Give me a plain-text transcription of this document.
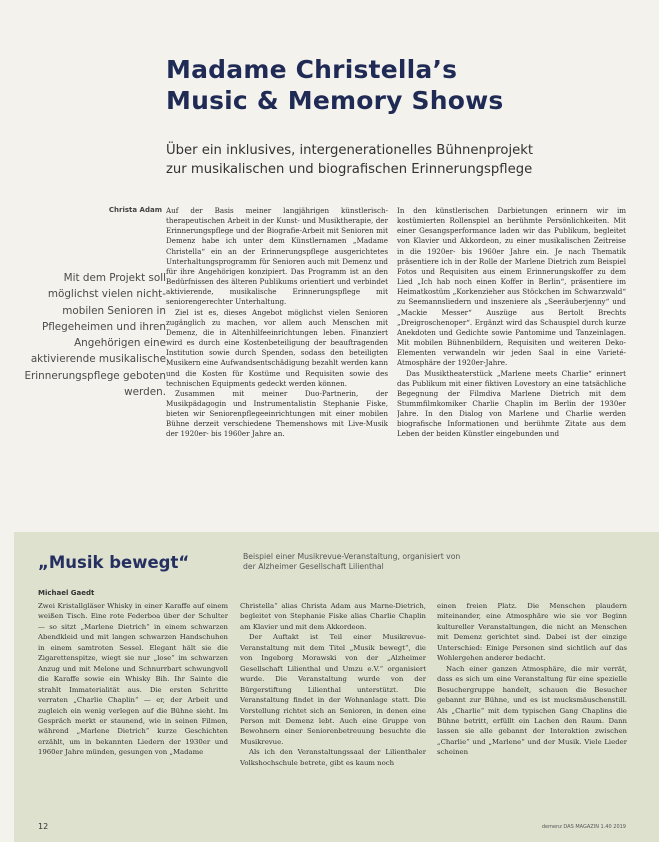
Madame Christella’s
Music & Memory Shows
Über ein inklusives, intergenerationelles Bühnenprojekt
zur musikalischen und biografischen Erinnerungspflege
Christa Adam
Mit dem Projekt soll möglichst vielen nicht-mobilen Senioren in Pflegeheimen und ihren Angehörigen eine aktivierende musikalische Erinnerungspflege geboten werden.

Auf der Basis meiner langjährigen künstlerisch-therapeutischen Arbeit in der Kunst- und Musiktherapie, der Erinnerungspflege und der Biografie-Arbeit mit Senioren mit Demenz habe ich unter dem Künstlernamen „Madame Christella“ ein an der Erinnerungspflege ausgerichtetes Unterhaltungsprogramm für Senioren auch mit Demenz und für ihre Angehörigen konzipiert. Das Programm ist an den Bedürfnissen des älteren Publikums orientiert und verbindet aktivierende, musikalische Erinnerungspflege mit seniorengerechter Unterhaltung.

Ziel ist es, dieses Angebot möglichst vielen Senioren zugänglich zu machen, vor allem auch Menschen mit Demenz, die in Altenhilfeeinrichtungen leben. Finanziert wird es durch eine Kostenbeteiligung der beauftragenden Institution sowie durch Spenden, sodass den beteiligten Musikern eine Aufwandsentschädigung bezahlt werden kann und die Kosten für Kostüme und Requisiten sowie des technischen Equipments gedeckt werden können.

Zusammen mit meiner Duo-Partnerin, der Musikpädagogin und Instrumentalistin Stephanie Fiske, bieten wir Seniorenpflegeeinrichtungen mit einer mobilen Bühne derzeit verschiedene Themenshows mit Live-Musik der 1920er- bis 1960er Jahre an.

In den künstlerischen Darbietungen erinnern wir im kostümierten Rollenspiel an berühmte Persönlichkeiten. Mit einer Gesangsperformance laden wir das Publikum, begleitet von Klavier und Akkordeon, zu einer musikalischen Zeitreise in die 1920er- bis 1960er Jahre ein. Je nach Thematik präsentiere ich in der Rolle der Marlene Dietrich zum Beispiel Fotos und Requisiten aus einem Erinnerungskoffer zu dem Lied „Ich hab noch einen Koffer in Berlin“, präsentiere im Heimatkostüm „Korkenzieher aus Stöckchen im Schwarzwald“ zu Seemannsliedern und inszeniere als „Seeräuberjenny“ und „Mackie Messer“ Auszüge aus Bertolt Brechts „Dreigroschenoper“. Ergänzt wird das Schauspiel durch kurze Anekdoten und Gedichte sowie Pantomime und Tanzeinlagen. Mit mobilen Bühnenbildern, Requisiten und weiteren Deko-Elementen verwandeln wir jeden Saal in eine Varieté-Atmosphäre der 1920er-Jahre.

Das Musiktheaterstück „Marlene meets Charlie“ erinnert das Publikum mit einer fiktiven Lovestory an eine tatsächliche Begegnung der Filmdiva Marlene Dietrich mit dem Stummfilmkomiker Charlie Chaplin im Berlin der 1930er Jahre. In den Dialog von Marlene und Charlie werden biografische Informationen und berühmte Zitate aus dem Leben der beiden Künstler eingebunden und

„Musik bewegt“	Beispiel einer Musikrevue-Veranstaltung, organisiert von der Alzheimer Gesellschaft Lilienthal
Michael Gaedt

Zwei Kristallgläser Whisky in einer Karaffe auf einem weißen Tisch. Eine rote Federboa über der Schulter — so sitzt „Marlene Dietrich“ in einem schwarzen Abendkleid und mit langen schwarzen Handschuhen in einem samtroten Sessel. Elegant hält sie die Zigarettenspitze, wiegt sie nur „lose“ im schwarzen Anzug und mit Melone und Schnurrbart schwungvoll die Karaffe sowie ein Whisky Bih. Ihr Sainte die strahlt Immaterialität aus. Die ersten Schritte verraten „Charlie Chaplin“ — er, der Arbeit und zugleich ein wenig verlegen auf die Bühne sieht. Im Gespräch merkt er staunend, wie in seinen Filmen, während „Marlene Dietrich“ kurze Geschichten erzählt, um in bekannten Liedern der 1930er und 1960er Jahre münden, gesungen von „Madame

Christella“ alias Christa Adam aus Marne-Dietrich, begleitet von Stephanie Fiske alias Charlie Chaplin am Klavier und mit dem Akkordeon.

Der Auftakt ist Teil einer Musikrevue-Veranstaltung mit dem Titel „Musik bewegt“, die von Ingeborg Morawski von der „Alzheimer Gesellschaft Lilienthal und Umzu e.V.“ organisiert wurde. Die Veranstaltung wurde von der Bürgerstiftung Lilienthal unterstützt. Die Veranstaltung findet in der Wohnanlage statt. Die Vorstellung richtet sich an Senioren, in denen eine Person mit Demenz lebt. Auch eine Gruppe von Bewohnern einer Seniorenbetreuung besuchte die Musikrevue.

Als ich den Veranstaltungssaal der Lilienthaler Volkshochschule betrete, gibt es kaum noch

einen freien Platz. Die Menschen plaudern miteinander, eine Atmosphäre wie sie vor Beginn kultureller Veranstaltungen, die nicht an Menschen mit Demenz gerichtet sind. Dabei ist der einzige Unterschied: Einige Personen sind sichtlich auf das Wohlergehen anderer bedacht.

Nach einer ganzen Atmosphäre, die mir verrät, dass es sich um eine Veranstaltung für eine spezielle Besuchergruppe handelt, schauen die Besucher gebannt zur Bühne, und es ist mucksmäuschenstill. Als „Charlie“ mit dem typischen Gang Chaplins die Bühne betritt, erfüllt ein Lachen den Raum. Dann lassen sie alle gebannt der Interaktion zwischen „Charlie“ und „Marlene“ und der Musik. Viele Lieder scheinen

12	demenz DAS MAGAZIN 1.40 2019
